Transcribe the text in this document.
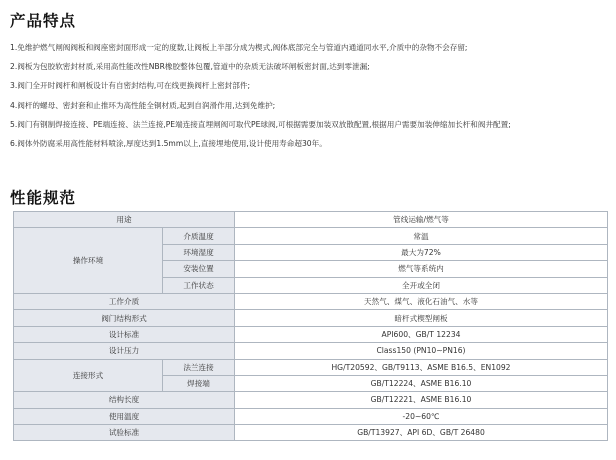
产品特点
1.免维护燃气闸阀阀板和阀座密封面形成一定的度数,让阀板上半部分成为楔式,阀体底部完全与管道内通道同水平,介质中的杂物不会存留;
2.阀板为包胶软密封材质,采用高性能改性NBR橡胶整体包覆,管道中的杂质无法破坏闸板密封面,达到零泄漏;
3.阀门全开时阀杆和闸板设计有自密封结构,可在线更换阀杆上密封部件;
4.阀杆的螺母、密封套和止推环为高性能全铜材质,起到自润滑作用,达到免维护;
5.阀门有钢制焊接连接、PE端连接、法兰连接,PE端连接直埋闸阀可取代PE球阀,可根据需要加装双放散配置,根据用户需要加装伸缩加长杆和阀井配置;
6.阀体外防腐采用高性能材料喷涂,厚度达到1.5mm以上,直接埋地使用,设计使用寿命超30年。
性能规范
用途		管线运输/燃气等
操作环境	介质温度	常温
	环境湿度	最大为72%
	安装位置	燃气等系统内
	工作状态	全开或全闭
工作介质		天然气、煤气、液化石油气、水等
阀门结构形式		暗杆式楔型闸板
设计标准		API600、GB/T 12234
设计压力		Class150 (PN10~PN16)
连接形式	法兰连接	HG/T20592、GB/T9113、ASME B16.5、EN1092
	焊接端	GB/T12224、ASME B16.10
结构长度		GB/T12221、ASME B16.10
使用温度		-20~60℃
试验标准		GB/T13927、API 6D、GB/T 26480
